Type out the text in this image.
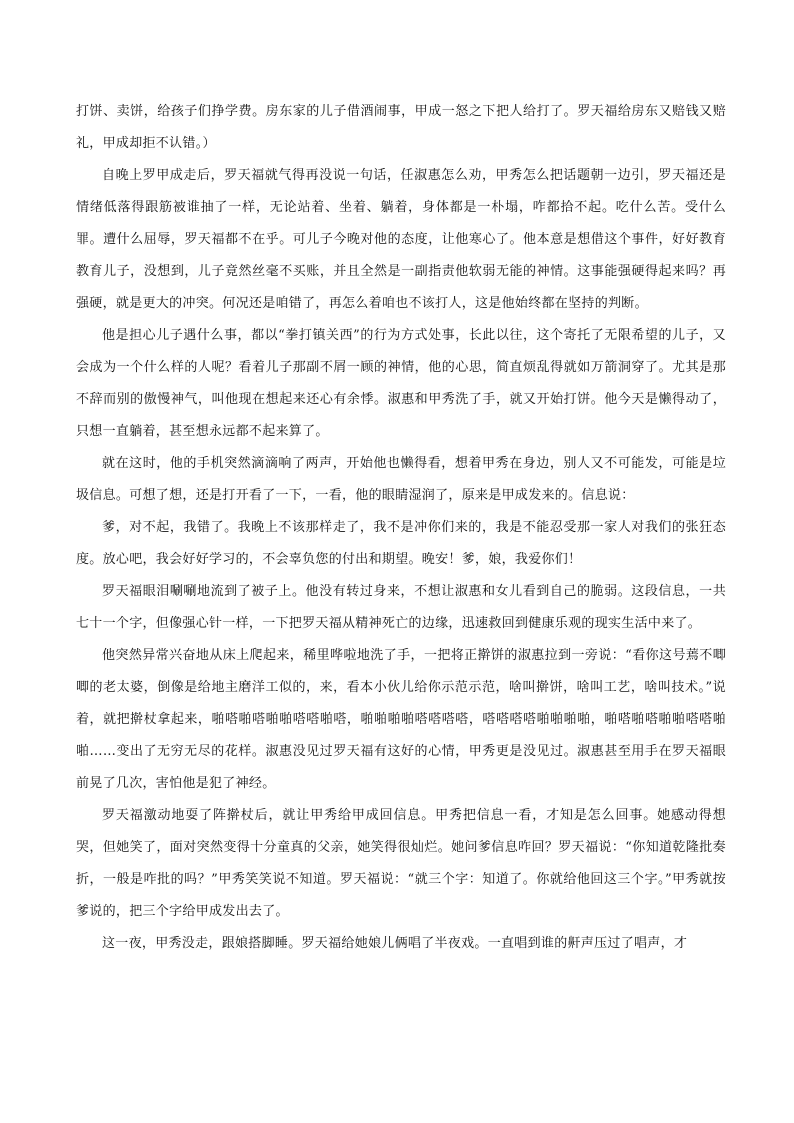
打饼、卖饼，给孩子们挣学费。房东家的儿子借酒闹事，甲成一怒之下把人给打了。罗天福给房东又赔钱又赔礼，甲成却拒不认错。）

自晚上罗甲成走后，罗天福就气得再没说一句话，任淑惠怎么劝，甲秀怎么把话题朝一边引，罗天福还是情绪低落得跟筋被谁抽了一样，无论站着、坐着、躺着，身体都是一朴塌，咋都拾不起。吃什么苦。受什么罪。遭什么屈辱，罗天福都不在乎。可儿子今晚对他的态度，让他寒心了。他本意是想借这个事件，好好教育教育儿子，没想到，儿子竟然丝毫不买账，并且全然是一副指责他软弱无能的神情。这事能强硬得起来吗？再强硬，就是更大的冲突。何况还是咱错了，再怎么着咱也不该打人，这是他始终都在坚持的判断。

他是担心儿子遇什么事，都以“拳打镇关西”的行为方式处事，长此以往，这个寄托了无限希望的儿子，又会成为一个什么样的人呢？看着儿子那副不屑一顾的神情，他的心思，简直烦乱得就如万箭洞穿了。尤其是那不辞而别的傲慢神气，叫他现在想起来还心有余悸。淑惠和甲秀洗了手，就又开始打饼。他今天是懒得动了，只想一直躺着，甚至想永远都不起来算了。

就在这时，他的手机突然滴滴响了两声，开始他也懒得看，想着甲秀在身边，别人又不可能发，可能是垃圾信息。可想了想，还是打开看了一下，一看，他的眼睛湿润了，原来是甲成发来的。信息说：

爹，对不起，我错了。我晚上不该那样走了，我不是冲你们来的，我是不能忍受那一家人对我们的张狂态度。放心吧，我会好好学习的，不会辜负您的付出和期望。晚安！爹，娘，我爱你们！

罗天福眼泪唰唰地流到了被子上。他没有转过身来，不想让淑惠和女儿看到自己的脆弱。这段信息，一共七十一个字，但像强心针一样，一下把罗天福从精神死亡的边缘，迅速救回到健康乐观的现实生活中来了。

他突然异常兴奋地从床上爬起来，稀里哗啦地洗了手，一把将正擀饼的淑惠拉到一旁说：“看你这号蔫不唧唧的老太婆，倒像是给地主磨洋工似的，来，看本小伙儿给你示范示范，啥叫擀饼，啥叫工艺，啥叫技术。”说着，就把擀杖拿起来，啪嗒啪嗒啪啪嗒嗒啪嗒，啪啪啪啪嗒嗒嗒嗒，嗒嗒嗒嗒啪啪啪啪，啪嗒啪嗒啪啪嗒嗒啪啪……变出了无穷无尽的花样。淑惠没见过罗天福有这好的心情，甲秀更是没见过。淑惠甚至用手在罗天福眼前晃了几次，害怕他是犯了神经。

罗天福激动地耍了阵擀杖后，就让甲秀给甲成回信息。甲秀把信息一看，才知是怎么回事。她感动得想哭，但她笑了，面对突然变得十分童真的父亲，她笑得很灿烂。她问爹信息咋回？罗天福说：“你知道乾隆批奏折，一般是咋批的吗？”甲秀笑笑说不知道。罗天福说：“就三个字：知道了。你就给他回这三个字。”甲秀就按爹说的，把三个字给甲成发出去了。

这一夜，甲秀没走，跟娘搭脚睡。罗天福给她娘儿俩唱了半夜戏。一直唱到谁的鼾声压过了唱声，才
